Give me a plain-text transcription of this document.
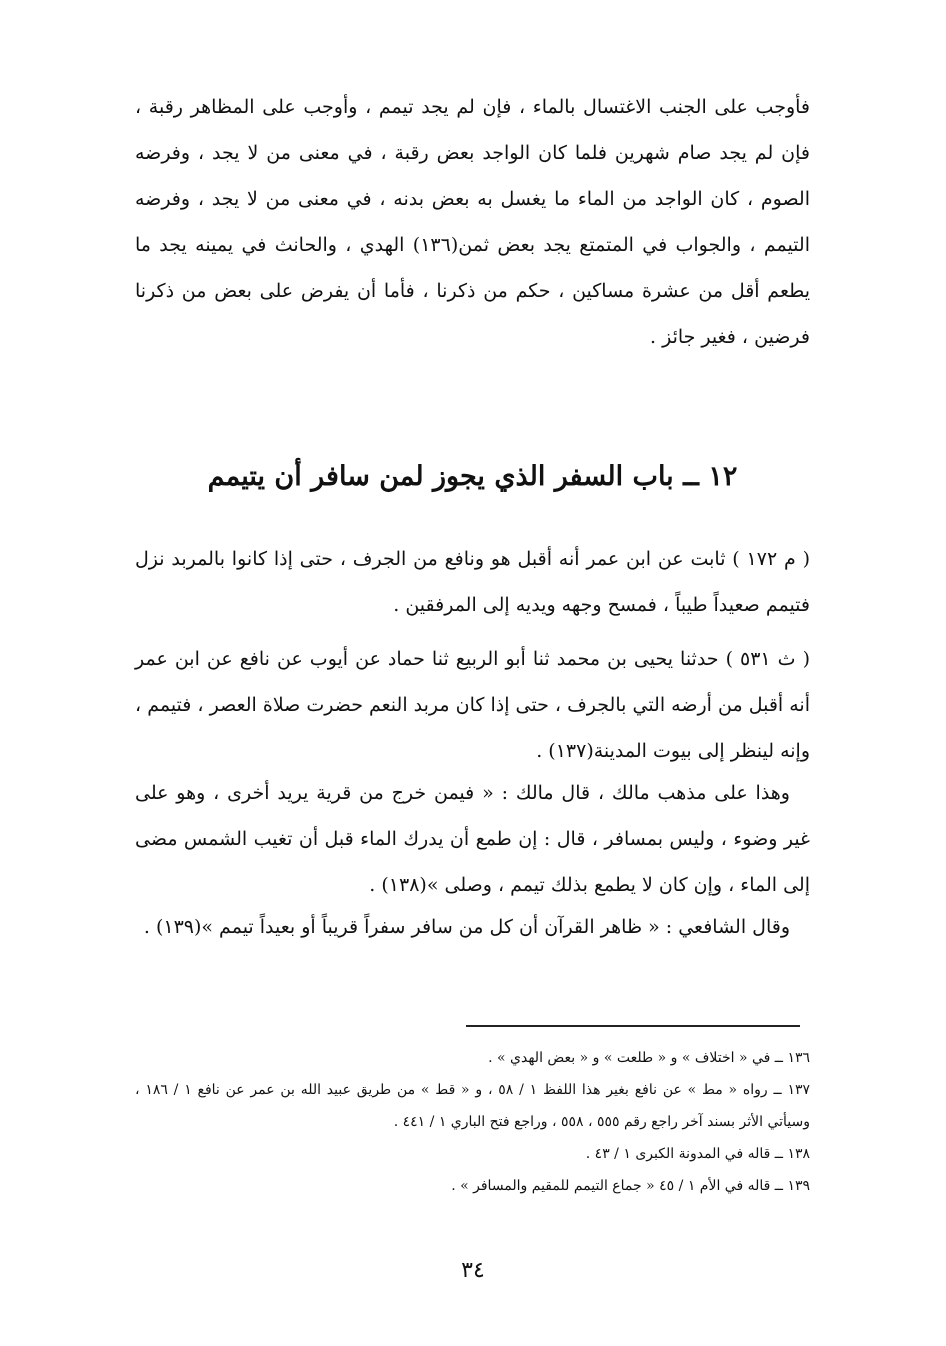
فأوجب على الجنب الاغتسال بالماء ، فإن لم يجد تيمم ، وأوجب على المظاهر رقبة ، فإن لم يجد صام شهرين فلما كان الواجد بعض رقبة ، في معنى من لا يجد ، وفرضه الصوم ، كان الواجد من الماء ما يغسل به بعض بدنه ، في معنى من لا يجد ، وفرضه التيمم ، والجواب في المتمتع يجد بعض ثمن(١٣٦) الهدي ، والحانث في يمينه يجد ما يطعم أقل من عشرة مساكين ، حكم من ذكرنا ، فأما أن يفرض على بعض من ذكرنا فرضين ، فغير جائز .

١٢ ــ باب السفر الذي يجوز لمن سافر أن يتيمم

( م ١٧٢ ) ثابت عن ابن عمر أنه أقبل هو ونافع من الجرف ، حتى إذا كانوا بالمربد نزل فتيمم صعيداً طيباً ، فمسح وجهه ويديه إلى المرفقين .

( ث ٥٣١ ) حدثنا يحيى بن محمد ثنا أبو الربيع ثنا حماد عن أيوب عن نافع عن ابن عمر أنه أقبل من أرضه التي بالجرف ، حتى إذا كان مربد النعم حضرت صلاة العصر ، فتيمم ، وإنه لينظر إلى بيوت المدينة(١٣٧) .

وهذا على مذهب مالك ، قال مالك : « فيمن خرج من قرية يريد أخرى ، وهو على غير وضوء ، وليس بمسافر ، قال : إن طمع أن يدرك الماء قبل أن تغيب الشمس مضى إلى الماء ، وإن كان لا يطمع بذلك تيمم ، وصلى »(١٣٨) .

وقال الشافعي : « ظاهر القرآن أن كل من سافر سفراً قريباً أو بعيداً تيمم »(١٣٩) .

١٣٦ ــ في « اختلاف » و « طلعت » و « بعض الهدي » .

١٣٧ ــ رواه « مط » عن نافع بغير هذا اللفظ ١ / ٥٨ ، و « قط » من طريق عبيد الله بن عمر عن نافع ١ / ١٨٦ ، وسيأتي الأثر بسند آخر راجع رقم ٥٥٥ ، ٥٥٨ ، وراجع فتح الباري ١ / ٤٤١ .

١٣٨ ــ قاله في المدونة الكبرى ١ / ٤٣ .

١٣٩ ــ قاله في الأم ١ / ٤٥ « جماع التيمم للمقيم والمسافر » .

٣٤
